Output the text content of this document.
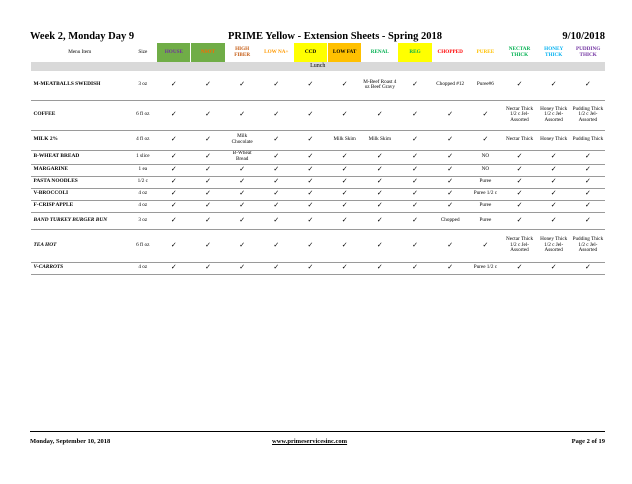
Week 2, Monday Day 9	PRIME Yellow - Extension Sheets - Spring 2018	9/10/2018
Menu Item	Size	HOUSE	NSOT	HIGH FIBER	LOW NA+	CCD	LOW FAT	RENAL	REG	CHOPPED	PUREE	NECTAR THICK	HONEY THICK	PUDDING THICK
Lunch														
M-MEATBALLS SWEDISH	3 oz	✓	✓	✓	✓	✓	✓	M-Beef Roast 4 oz Beef Gravy	✓	Chopped #12	Puree#6	✓	✓	✓
COFFEE	6 fl oz	✓	✓	✓	✓	✓	✓	✓	✓	✓	✓	Nectar Thick 1/2 c Jel- Assorted	Honey Thick 1/2 c Jel- Assorted	Pudding Thick 1/2 c Jel- Assorted
MILK 2%	4 fl oz	✓	✓	Milk Chocolate	✓	✓	Milk Skim	Milk Skim	✓	✓	✓	Nectar Thick	Honey Thick	Pudding Thick
B-WHEAT BREAD	1 slice	✓	✓	B-Wheat Bread	✓	✓	✓	✓	✓	✓	NO	✓	✓	✓
MARGARINE	1 ea	✓	✓	✓	✓	✓	✓	✓	✓	✓	NO	✓	✓	✓
PASTA NOODLES	1/2 c	✓	✓	✓	✓	✓	✓	✓	✓	✓	Puree	✓	✓	✓
V-BROCCOLI	4 oz	✓	✓	✓	✓	✓	✓	✓	✓	✓	Puree 1/2 c	✓	✓	✓
F-CRISP APPLE	4 oz	✓	✓	✓	✓	✓	✓	✓	✓	✓	Puree	✓	✓	✓
BAND TURKEY BURGER BUN	3 oz	✓	✓	✓	✓	✓	✓	✓	✓	Chopped	Puree	✓	✓	✓
TEA HOT	6 fl oz	✓	✓	✓	✓	✓	✓	✓	✓	✓	✓	Nectar Thick 1/2 c Jel- Assorted	Honey Thick 1/2 c Jel- Assorted	Pudding Thick 1/2 c Jel- Assorted
V-CARROTS	4 oz	✓	✓	✓	✓	✓	✓	✓	✓	✓	Puree 1/2 c	✓	✓	✓
Monday, September 10, 2018	www.primeservicesinc.com	Page 2 of 19
